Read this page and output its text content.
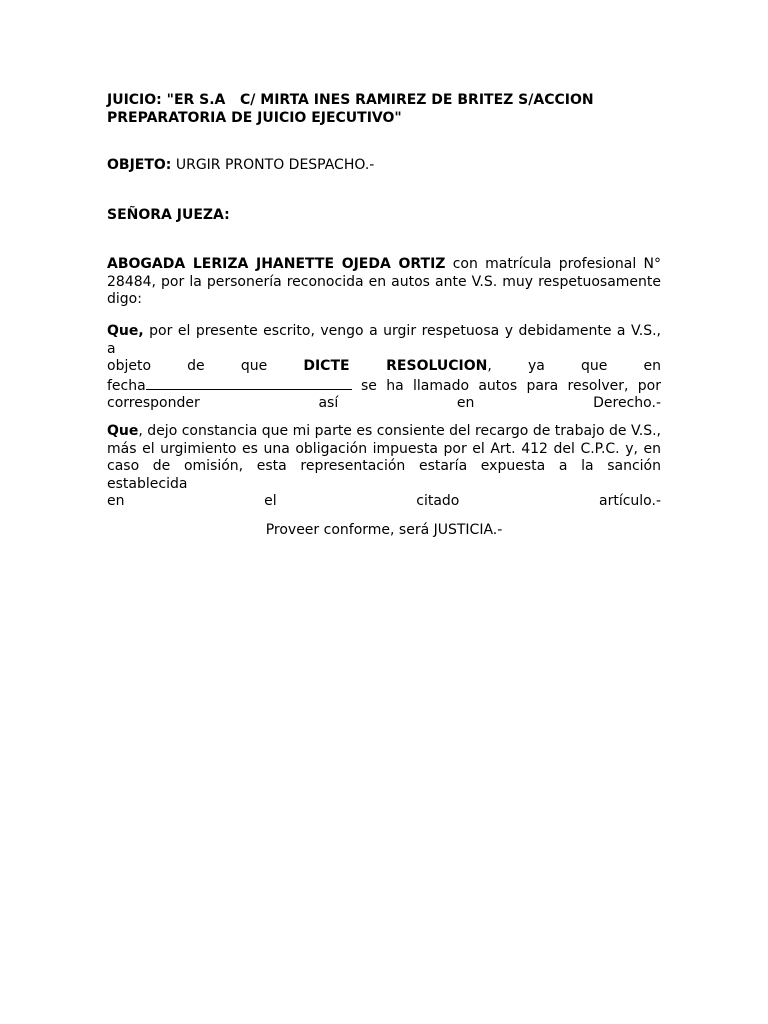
JUICIO: "ER S.A   C/ MIRTA INES RAMIREZ DE BRITEZ S/ACCION
PREPARATORIA DE JUICIO EJECUTIVO"

OBJETO: URGIR PRONTO DESPACHO.-

SEÑORA JUEZA:

ABOGADA LERIZA JHANETTE OJEDA ORTIZ con matrícula profesional N°
28484, por la personería reconocida en autos ante V.S. muy respetuosamente
digo:
Que, por el presente escrito, vengo a urgir respetuosa y debidamente a V.S., a
objeto de que DICTE RESOLUCION, ya que en
fecha	se ha llamado autos para resolver, por
corresponder así en Derecho.-
Que, dejo constancia que mi parte es consiente del recargo de trabajo de V.S.,
más el urgimiento es una obligación impuesta por el Art. 412 del C.P.C. y, en
caso de omisión, esta representación estaría expuesta a la sanción establecida
en el citado artículo.-

Proveer conforme, será JUSTICIA.-
